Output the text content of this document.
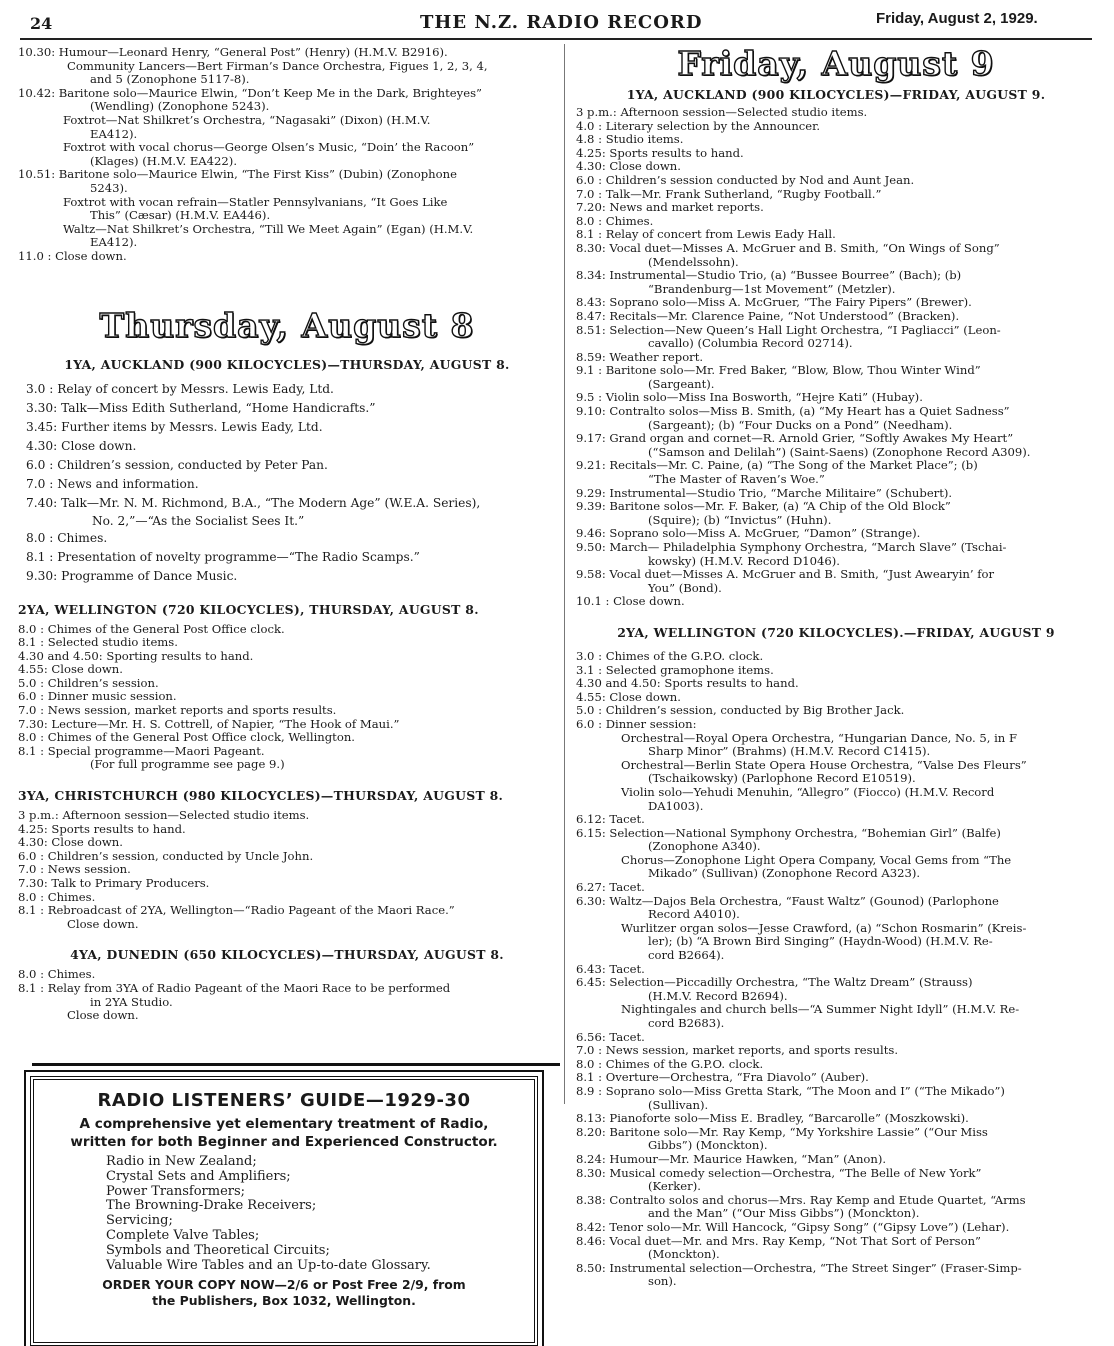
24	THE N.Z. RADIO RECORD	Friday, August 2, 1929.
10.30: Humour—Leonard Henry, “General Post” (Henry) (H.M.V. B2916).
Community Lancers—Bert Firman’s Dance Orchestra, Figues 1, 2, 3, 4,
and 5 (Zonophone 5117-8).
10.42: Baritone solo—Maurice Elwin, “Don’t Keep Me in the Dark, Brighteyes”
(Wendling) (Zonophone 5243).
Foxtrot—Nat Shilkret’s Orchestra, “Nagasaki” (Dixon) (H.M.V.
EA412).
Foxtrot with vocal chorus—George Olsen’s Music, “Doin’ the Racoon”
(Klages) (H.M.V. EA422).
10.51: Baritone solo—Maurice Elwin, “The First Kiss” (Dubin) (Zonophone
5243).
Foxtrot with vocan refrain—Statler Pennsylvanians, “It Goes Like
This” (Cæsar) (H.M.V. EA446).
Waltz—Nat Shilkret’s Orchestra, “Till We Meet Again” (Egan) (H.M.V.
EA412).
11.0 : Close down.
Thursday, August 8
1YA, AUCKLAND (900 KILOCYCLES)—THURSDAY, AUGUST 8.
3.0 : Relay of concert by Messrs. Lewis Eady, Ltd.
3.30: Talk—Miss Edith Sutherland, “Home Handicrafts.”
3.45: Further items by Messrs. Lewis Eady, Ltd.
4.30: Close down.
6.0 : Children’s session, conducted by Peter Pan.
7.0 : News and information.
7.40: Talk—Mr. N. M. Richmond, B.A., “The Modern Age” (W.E.A. Series),
No. 2,”—“As the Socialist Sees It.”
8.0 : Chimes.
8.1 : Presentation of novelty programme—“The Radio Scamps.”
9.30: Programme of Dance Music.
2YA, WELLINGTON (720 KILOCYCLES), THURSDAY, AUGUST 8.
8.0 : Chimes of the General Post Office clock.
8.1 : Selected studio items.
4.30 and 4.50: Sporting results to hand.
4.55: Close down.
5.0 : Children’s session.
6.0 : Dinner music session.
7.0 : News session, market reports and sports results.
7.30: Lecture—Mr. H. S. Cottrell, of Napier, “The Hook of Maui.”
8.0 : Chimes of the General Post Office clock, Wellington.
8.1 : Special programme—Maori Pageant.
(For full programme see page 9.)
3YA, CHRISTCHURCH (980 KILOCYCLES)—THURSDAY, AUGUST 8.
3 p.m.: Afternoon session—Selected studio items.
4.25: Sports results to hand.
4.30: Close down.
6.0 : Children’s session, conducted by Uncle John.
7.0 : News session.
7.30: Talk to Primary Producers.
8.0 : Chimes.
8.1 : Rebroadcast of 2YA, Wellington—“Radio Pageant of the Maori Race.”
Close down.
4YA, DUNEDIN (650 KILOCYCLES)—THURSDAY, AUGUST 8.
8.0 : Chimes.
8.1 : Relay from 3YA of Radio Pageant of the Maori Race to be performed
in 2YA Studio.
Close down.
RADIO LISTENERS’ GUIDE—1929-30
A comprehensive yet elementary treatment of Radio,
written for both Beginner and Experienced Constructor.
Radio in New Zealand;
Crystal Sets and Amplifiers;
Power Transformers;
The Browning-Drake Receivers;
Servicing;
Complete Valve Tables;
Symbols and Theoretical Circuits;
Valuable Wire Tables and an Up-to-date Glossary.
ORDER YOUR COPY NOW—2/6 or Post Free 2/9, from
the Publishers, Box 1032, Wellington.
Friday, August 9
1YA, AUCKLAND (900 KILOCYCLES)—FRIDAY, AUGUST 9.
3 p.m.: Afternoon session—Selected studio items.
4.0 : Literary selection by the Announcer.
4.8 : Studio items.
4.25: Sports results to hand.
4.30: Close down.
6.0 : Children’s session conducted by Nod and Aunt Jean.
7.0 : Talk—Mr. Frank Sutherland, “Rugby Football.”
7.20: News and market reports.
8.0 : Chimes.
8.1 : Relay of concert from Lewis Eady Hall.
8.30: Vocal duet—Misses A. McGruer and B. Smith, “On Wings of Song”
(Mendelssohn).
8.34: Instrumental—Studio Trio, (a) “Bussee Bourree” (Bach); (b)
“Brandenburg—1st Movement” (Metzler).
8.43: Soprano solo—Miss A. McGruer, “The Fairy Pipers” (Brewer).
8.47: Recitals—Mr. Clarence Paine, “Not Understood” (Bracken).
8.51: Selection—New Queen’s Hall Light Orchestra, “I Pagliacci” (Leon-
cavallo) (Columbia Record 02714).
8.59: Weather report.
9.1 : Baritone solo—Mr. Fred Baker, “Blow, Blow, Thou Winter Wind”
(Sargeant).
9.5 : Violin solo—Miss Ina Bosworth, “Hejre Kati” (Hubay).
9.10: Contralto solos—Miss B. Smith, (a) “My Heart has a Quiet Sadness”
(Sargeant); (b) “Four Ducks on a Pond” (Needham).
9.17: Grand organ and cornet—R. Arnold Grier, “Softly Awakes My Heart”
(“Samson and Delilah”) (Saint-Saens) (Zonophone Record A309).
9.21: Recitals—Mr. C. Paine, (a) “The Song of the Market Place”; (b)
“The Master of Raven’s Woe.”
9.29: Instrumental—Studio Trio, “Marche Militaire” (Schubert).
9.39: Baritone solos—Mr. F. Baker, (a) “A Chip of the Old Block”
(Squire); (b) “Invictus” (Huhn).
9.46: Soprano solo—Miss A. McGruer, “Damon” (Strange).
9.50: March— Philadelphia Symphony Orchestra, “March Slave” (Tschai-
kowsky) (H.M.V. Record D1046).
9.58: Vocal duet—Misses A. McGruer and B. Smith, “Just Awearyin’ for
You” (Bond).
10.1 : Close down.
2YA, WELLINGTON (720 KILOCYCLES).—FRIDAY, AUGUST 9
3.0 : Chimes of the G.P.O. clock.
3.1 : Selected gramophone items.
4.30 and 4.50: Sports results to hand.
4.55: Close down.
5.0 : Children’s session, conducted by Big Brother Jack.
6.0 : Dinner session:
Orchestral—Royal Opera Orchestra, “Hungarian Dance, No. 5, in F
Sharp Minor” (Brahms) (H.M.V. Record C1415).
Orchestral—Berlin State Opera House Orchestra, “Valse Des Fleurs”
(Tschaikowsky) (Parlophone Record E10519).
Violin solo—Yehudi Menuhin, “Allegro” (Fiocco) (H.M.V. Record
DA1003).
6.12: Tacet.
6.15: Selection—National Symphony Orchestra, “Bohemian Girl” (Balfe)
(Zonophone A340).
Chorus—Zonophone Light Opera Company, Vocal Gems from “The
Mikado” (Sullivan) (Zonophone Record A323).
6.27: Tacet.
6.30: Waltz—Dajos Bela Orchestra, “Faust Waltz” (Gounod) (Parlophone
Record A4010).
Wurlitzer organ solos—Jesse Crawford, (a) “Schon Rosmarin” (Kreis-
ler); (b) “A Brown Bird Singing” (Haydn-Wood) (H.M.V. Re-
cord B2664).
6.43: Tacet.
6.45: Selection—Piccadilly Orchestra, “The Waltz Dream” (Strauss)
(H.M.V. Record B2694).
Nightingales and church bells—“A Summer Night Idyll” (H.M.V. Re-
cord B2683).
6.56: Tacet.
7.0 : News session, market reports, and sports results.
8.0 : Chimes of the G.P.O. clock.
8.1 : Overture—Orchestra, “Fra Diavolo” (Auber).
8.9 : Soprano solo—Miss Gretta Stark, “The Moon and I” (“The Mikado”)
(Sullivan).
8.13: Pianoforte solo—Miss E. Bradley, “Barcarolle” (Moszkowski).
8.20: Baritone solo—Mr. Ray Kemp, “My Yorkshire Lassie” (“Our Miss
Gibbs”) (Monckton).
8.24: Humour—Mr. Maurice Hawken, “Man” (Anon).
8.30: Musical comedy selection—Orchestra, “The Belle of New York”
(Kerker).
8.38: Contralto solos and chorus—Mrs. Ray Kemp and Etude Quartet, “Arms
and the Man” (“Our Miss Gibbs”) (Monckton).
8.42: Tenor solo—Mr. Will Hancock, “Gipsy Song” (“Gipsy Love”) (Lehar).
8.46: Vocal duet—Mr. and Mrs. Ray Kemp, “Not That Sort of Person”
(Monckton).
8.50: Instrumental selection—Orchestra, “The Street Singer” (Fraser-Simp-
son).
